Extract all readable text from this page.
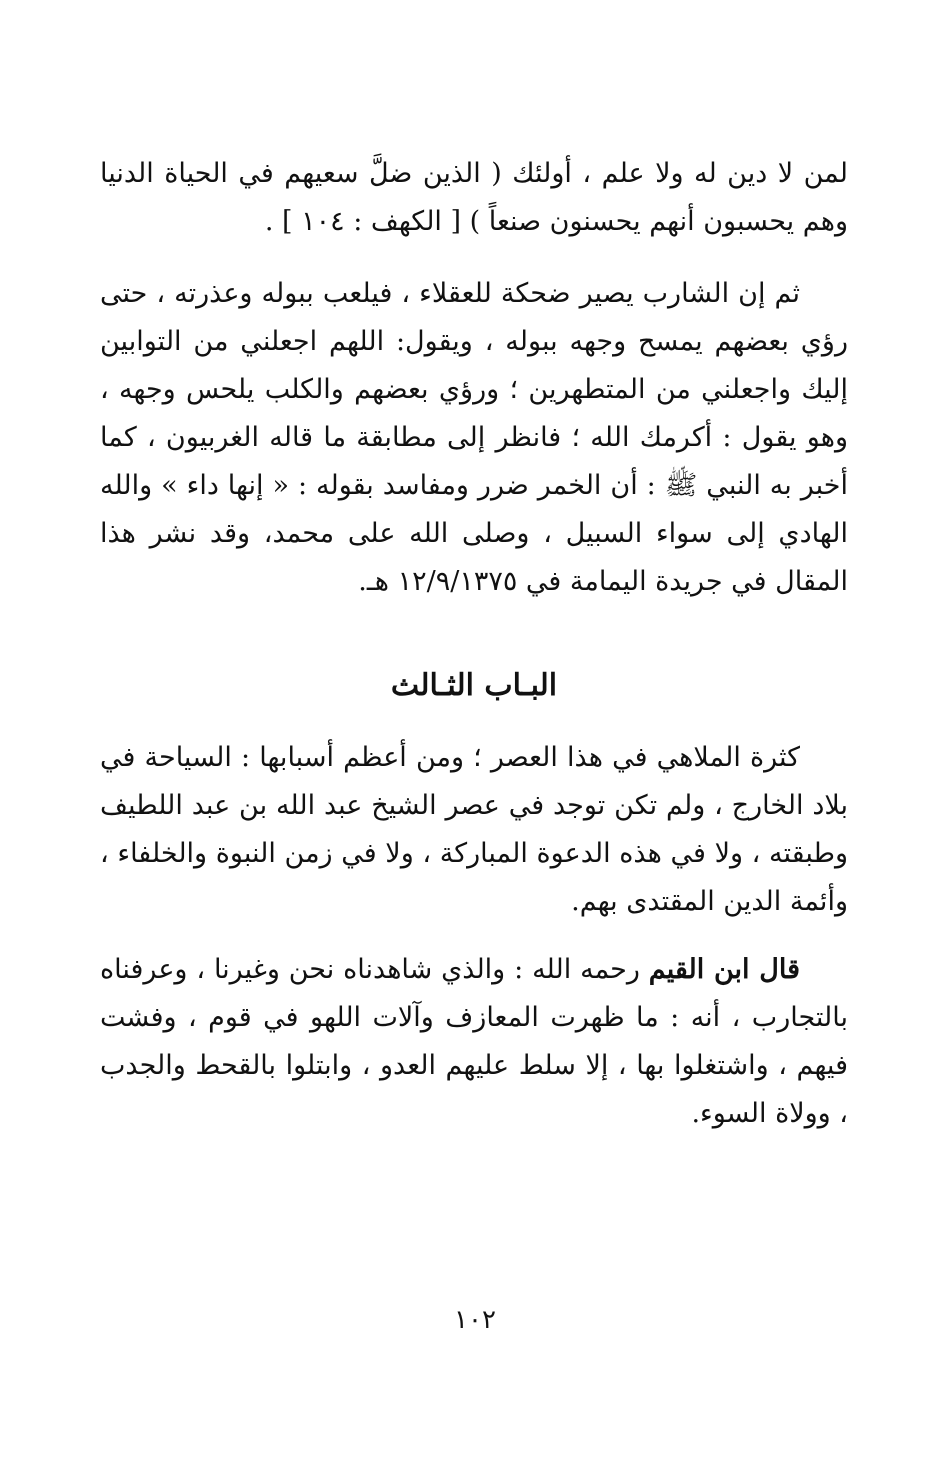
لمن لا دين له ولا علم ، أولئك ( الذين ضلَّ سعيهم في الحياة الدنيا وهم يحسبون أنهم يحسنون صنعاً ) [ الكهف : ١٠٤ ] .

ثم إن الشارب يصير ضحكة للعقلاء ، فيلعب ببوله وعذرته ، حتى رؤي بعضهم يمسح وجهه ببوله ، ويقول: اللهم اجعلني من التوابين إليك واجعلني من المتطهرين ؛ ورؤي بعضهم والكلب يلحس وجهه ، وهو يقول : أكرمك الله ؛ فانظر إلى مطابقة ما قاله الغربيون ، كما أخبر به النبي ﷺ : أن الخمر ضرر ومفاسد بقوله : « إنها داء » والله الهادي إلى سواء السبيل ، وصلى الله على محمد، وقد نشر هذا المقال في جريدة اليمامة في ١٢/٩/١٣٧٥ هـ.

البـاب الثـالث

كثرة الملاهي في هذا العصر ؛ ومن أعظم أسبابها : السياحة في بلاد الخارج ، ولم تكن توجد في عصر الشيخ عبد الله بن عبد اللطيف وطبقته ، ولا في هذه الدعوة المباركة ، ولا في زمن النبوة والخلفاء ، وأئمة الدين المقتدى بهم.

قال ابن القيم رحمه الله : والذي شاهدناه نحن وغيرنا ، وعرفناه بالتجارب ، أنه : ما ظهرت المعازف وآلات اللهو في قوم ، وفشت فيهم ، واشتغلوا بها ، إلا سلط عليهم العدو ، وابتلوا بالقحط والجدب ، وولاة السوء.

١٠٢
